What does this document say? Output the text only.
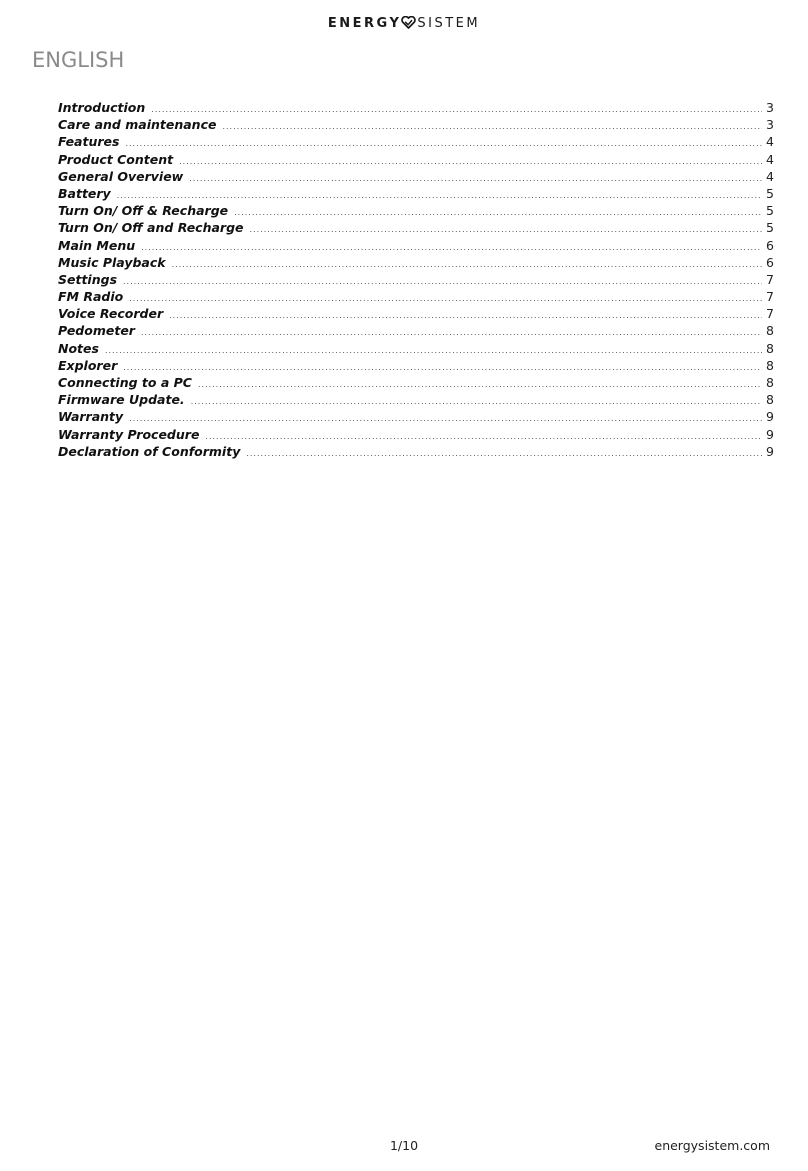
ENERGY SISTEM
ENGLISH
Introduction .....	3
Care and maintenance .....	3
Features .....	4
Product Content .....	4
General Overview .....	4
Battery .....	5
Turn On/ Off & Recharge .....	5
Turn On/ Off and Recharge .....	5
Main Menu .....	6
Music Playback .....	6
Settings .....	7
FM Radio .....	7
Voice Recorder .....	7
Pedometer .....	8
Notes .....	8
Explorer .....	8
Connecting to a PC .....	8
Firmware Update. .....	8
Warranty .....	9
Warranty Procedure .....	9
Declaration of Conformity .....	9
1/10	energysistem.com
